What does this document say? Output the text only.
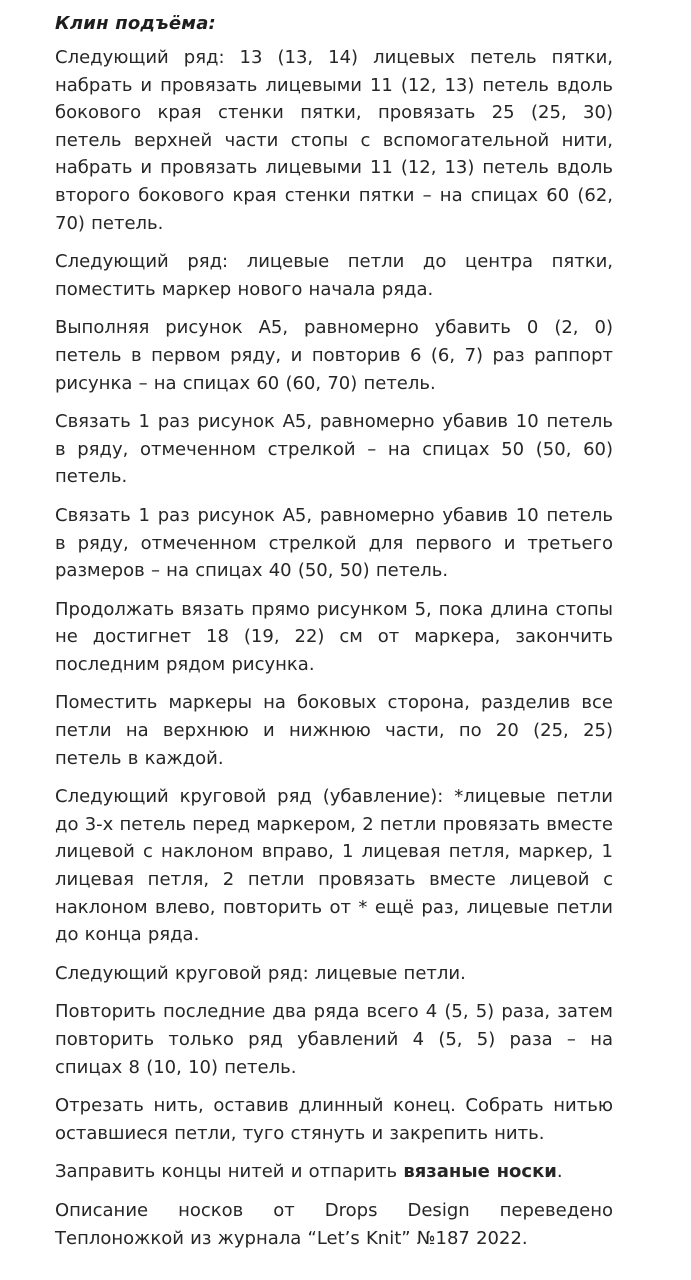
Клин подъёма:

Следующий ряд: 13 (13, 14) лицевых петель пятки, набрать и провязать лицевыми 11 (12, 13) петель вдоль бокового края стенки пятки, провязать 25 (25, 30) петель верхней части стопы с вспомогательной нити, набрать и провязать лицевыми 11 (12, 13) петель вдоль второго бокового края стенки пятки – на спицах 60 (62, 70) петель.

Следующий ряд: лицевые петли до центра пятки, поместить маркер нового начала ряда.

Выполняя рисунок А5, равномерно убавить 0 (2, 0) петель в первом ряду, и повторив 6 (6, 7) раз раппорт рисунка – на спицах 60 (60, 70) петель.

Связать 1 раз рисунок А5, равномерно убавив 10 петель в ряду, отмеченном стрелкой – на спицах 50 (50, 60) петель.

Связать 1 раз рисунок А5, равномерно убавив 10 петель в ряду, отмеченном стрелкой для первого и третьего размеров – на спицах 40 (50, 50) петель.

Продолжать вязать прямо рисунком 5, пока длина стопы не достигнет 18 (19, 22) см от маркера, закончить последним рядом рисунка.

Поместить маркеры на боковых сторона, разделив все петли на верхнюю и нижнюю части, по 20 (25, 25) петель в каждой.

Следующий круговой ряд (убавление): *лицевые петли до 3-х петель перед маркером, 2 петли провязать вместе лицевой с наклоном вправо, 1 лицевая петля, маркер, 1 лицевая петля, 2 петли провязать вместе лицевой с наклоном влево, повторить от * ещё раз, лицевые петли до конца ряда.

Следующий круговой ряд: лицевые петли.

Повторить последние два ряда всего 4 (5, 5) раза, затем повторить только ряд убавлений 4 (5, 5) раза – на спицах 8 (10, 10) петель.

Отрезать нить, оставив длинный конец. Собрать нитью оставшиеся петли, туго стянуть и закрепить нить.

Заправить концы нитей и отпарить вязаные носки.

Описание носков от Drops Design переведено Теплоножкой из журнала “Let’s Knit” №187 2022.
